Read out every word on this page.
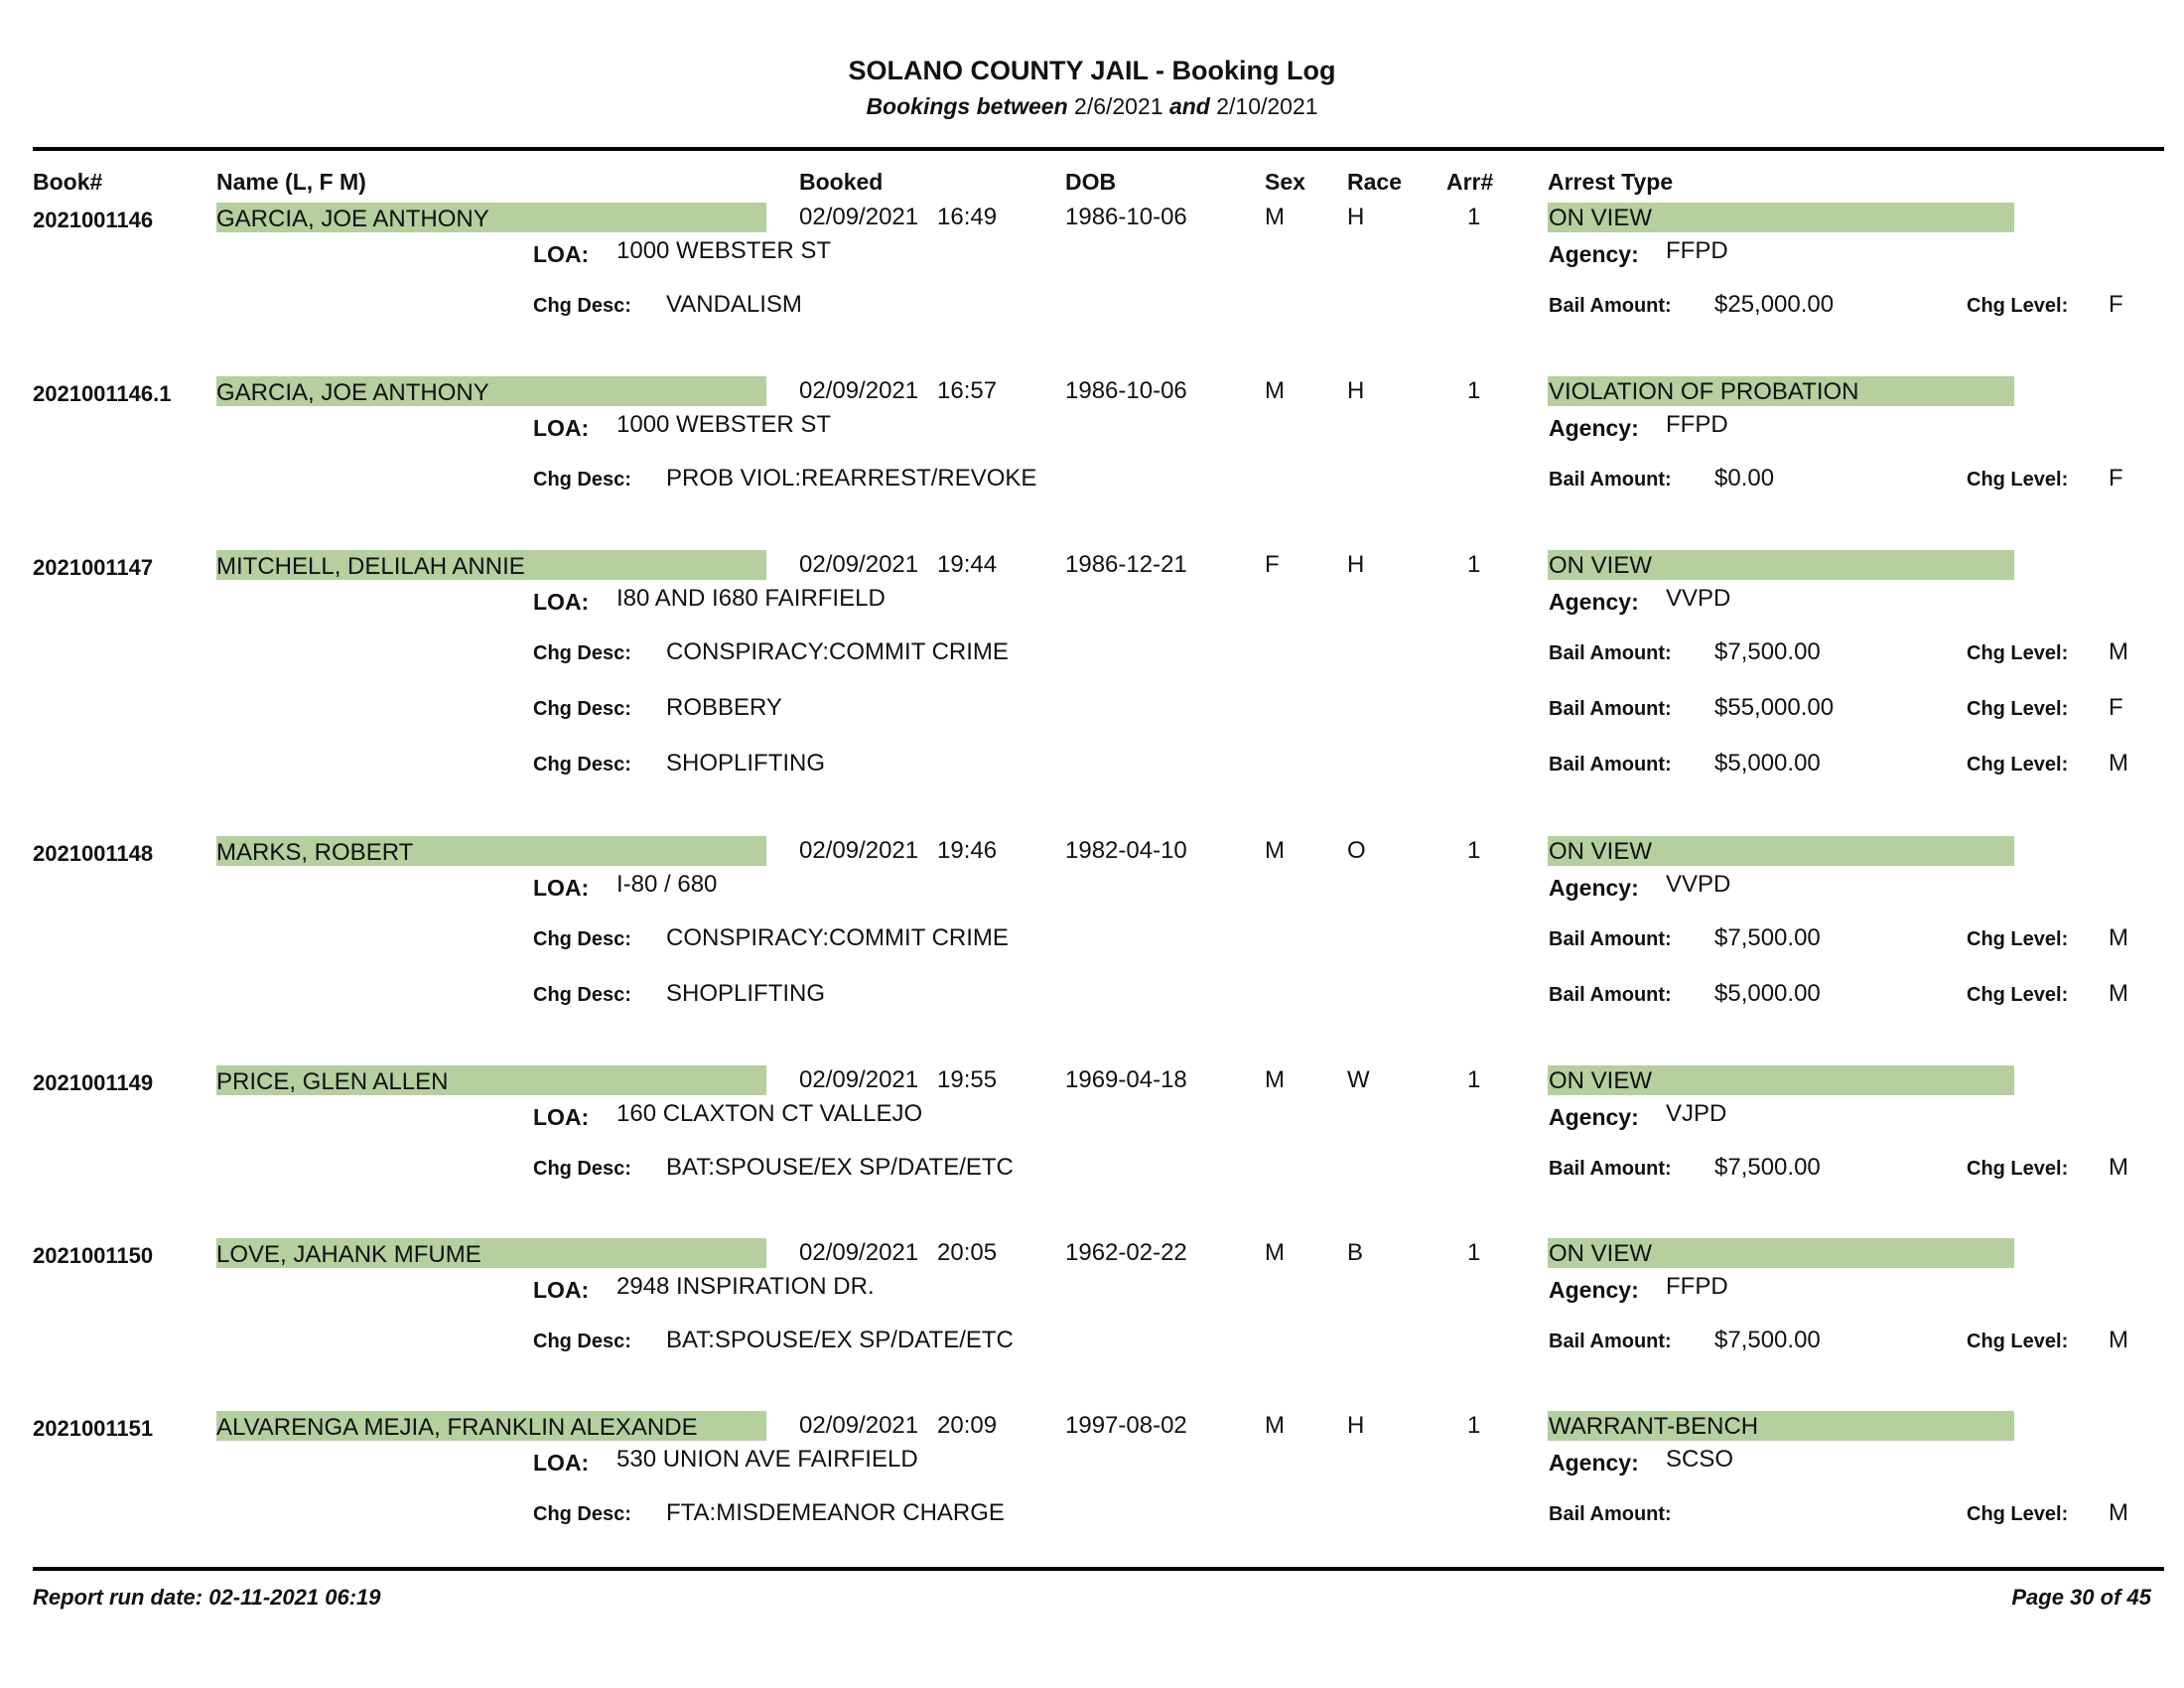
SOLANO COUNTY JAIL - Booking Log
Bookings between 2/6/2021 and 2/10/2021
Book#	Name (L, F M)	Booked	DOB	Sex Race Arr# Arrest Type
2021001146	GARCIA, JOE ANTHONY	02/09/2021 16:49	1986-10-06	M	H	1	ON VIEW
LOA: 1000 WEBSTER ST	Agency: FFPD
Chg Desc: VANDALISM	Bail Amount: $25,000.00	Chg Level: F
2021001146.1 GARCIA, JOE ANTHONY	02/09/2021 16:57	1986-10-06	M	H	1	VIOLATION OF PROBATION
LOA: 1000 WEBSTER ST	Agency: FFPD
Chg Desc: PROB VIOL:REARREST/REVOKE	Bail Amount: $0.00	Chg Level: F
2021001147	MITCHELL, DELILAH ANNIE	02/09/2021 19:44	1986-12-21	F	H	1	ON VIEW
LOA: I80 AND I680 FAIRFIELD	Agency: VVPD
Chg Desc: CONSPIRACY:COMMIT CRIME	Bail Amount: $7,500.00	Chg Level: M
Chg Desc: ROBBERY	Bail Amount: $55,000.00	Chg Level: F
Chg Desc: SHOPLIFTING	Bail Amount: $5,000.00	Chg Level: M
2021001148	MARKS, ROBERT	02/09/2021 19:46	1982-04-10	M	O	1	ON VIEW
LOA: I-80 / 680	Agency: VVPD
Chg Desc: CONSPIRACY:COMMIT CRIME	Bail Amount: $7,500.00	Chg Level: M
Chg Desc: SHOPLIFTING	Bail Amount: $5,000.00	Chg Level: M
2021001149	PRICE, GLEN ALLEN	02/09/2021 19:55	1969-04-18	M	W	1	ON VIEW
LOA: 160 CLAXTON CT VALLEJO	Agency: VJPD
Chg Desc: BAT:SPOUSE/EX SP/DATE/ETC	Bail Amount: $7,500.00	Chg Level: M
2021001150	LOVE, JAHANK MFUME	02/09/2021 20:05	1962-02-22	M	B	1	ON VIEW
LOA: 2948 INSPIRATION DR.	Agency: FFPD
Chg Desc: BAT:SPOUSE/EX SP/DATE/ETC	Bail Amount: $7,500.00	Chg Level: M
2021001151	ALVARENGA MEJIA, FRANKLIN ALEXANDE	02/09/2021 20:09	1997-08-02	M	H	1	WARRANT-BENCH
LOA: 530 UNION AVE FAIRFIELD	Agency: SCSO
Chg Desc: FTA:MISDEMEANOR CHARGE	Bail Amount:	Chg Level: M
Report run date: 02-11-2021 06:19	Page 30 of 45
